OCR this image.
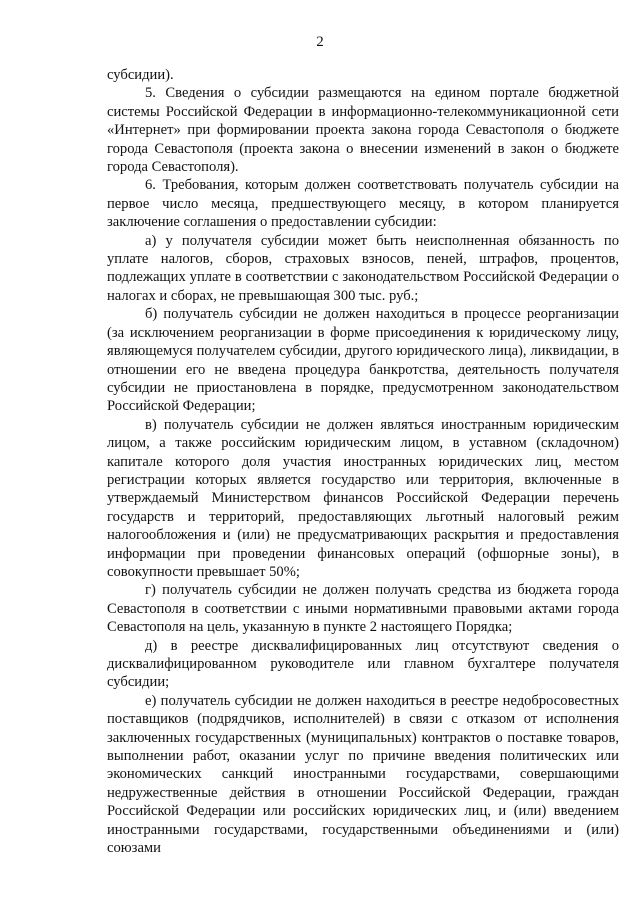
2

субсидии).

5. Сведения о субсидии размещаются на едином портале бюджетной системы Российской Федерации в информационно-телекоммуникационной сети «Интернет» при формировании проекта закона города Севастополя о бюджете города Севастополя (проекта закона о внесении изменений в закон о бюджете города Севастополя).

6. Требования, которым должен соответствовать получатель субсидии на первое число месяца, предшествующего месяцу, в котором планируется заключение соглашения о предоставлении субсидии:

а) у получателя субсидии может быть неисполненная обязанность по уплате налогов, сборов, страховых взносов, пеней, штрафов, процентов, подлежащих уплате в соответствии с законодательством Российской Федерации о налогах и сборах, не превышающая 300 тыс. руб.;

б) получатель субсидии не должен находиться в процессе реорганизации (за исключением реорганизации в форме присоединения к юридическому лицу, являющемуся получателем субсидии, другого юридического лица), ликвидации, в отношении его не введена процедура банкротства, деятельность получателя субсидии не приостановлена в порядке, предусмотренном законодательством Российской Федерации;

в) получатель субсидии не должен являться иностранным юридическим лицом, а также российским юридическим лицом, в уставном (складочном) капитале которого доля участия иностранных юридических лиц, местом регистрации которых является государство или территория, включенные в утверждаемый Министерством финансов Российской Федерации перечень государств и территорий, предоставляющих льготный налоговый режим налогообложения и (или) не предусматривающих раскрытия и предоставления информации при проведении финансовых операций (офшорные зоны), в совокупности превышает 50%;

г) получатель субсидии не должен получать средства из бюджета города Севастополя в соответствии с иными нормативными правовыми актами города Севастополя на цель, указанную в пункте 2 настоящего Порядка;

д) в реестре дисквалифицированных лиц отсутствуют сведения о дисквалифицированном руководителе или главном бухгалтере получателя субсидии;

е) получатель субсидии не должен находиться в реестре недобросовестных поставщиков (подрядчиков, исполнителей) в связи с отказом от исполнения заключенных государственных (муниципальных) контрактов о поставке товаров, выполнении работ, оказании услуг по причине введения политических или экономических санкций иностранными государствами, совершающими недружественные действия в отношении Российской Федерации, граждан Российской Федерации или российских юридических лиц, и (или) введением иностранными государствами, государственными объединениями и (или) союзами
